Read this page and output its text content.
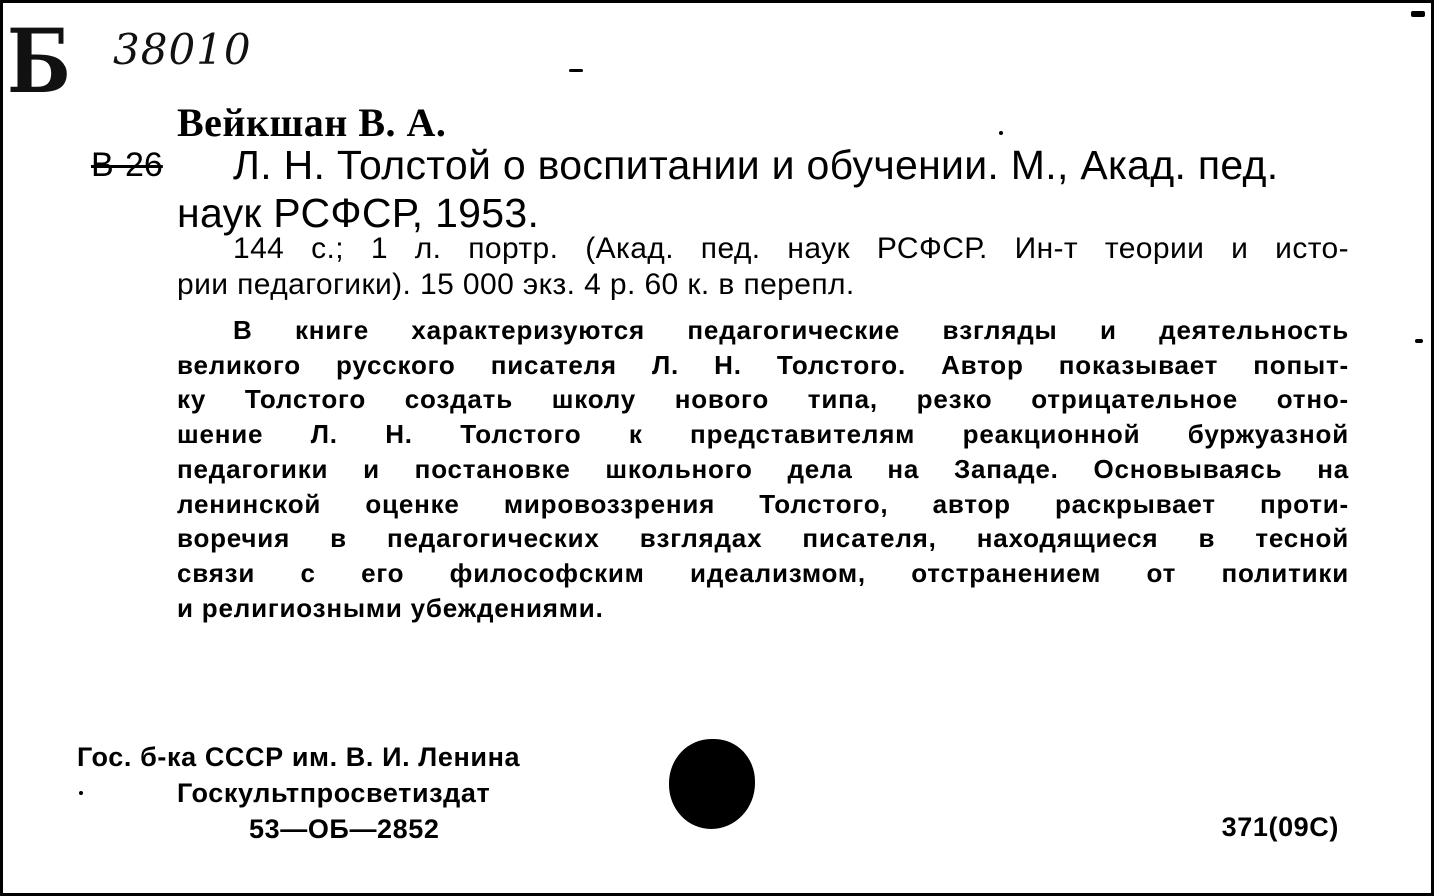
Б 38010
Вейкшан В. А.
В-26	Л. Н. Толстой о воспитании и обучении. М., Акад. пед.
наук РСФСР, 1953.
144 с.; 1 л. портр. (Акад. пед. наук РСФСР. Ин-т теории и исто-
рии педагогики). 15 000 экз. 4 р. 60 к. в перепл.
В книге характеризуются педагогические взгляды и деятельность
великого русского писателя Л. Н. Толстого. Автор показывает попыт-
ку Толстого создать школу нового типа, резко отрицательное отно-
шение Л. Н. Толстого к представителям реакционной буржуазной
педагогики и постановке школьного дела на Западе. Основываясь на
ленинской оценке мировоззрения Толстого, автор раскрывает проти-
воречия в педагогических взглядах писателя, находящиеся в тесной
связи с его философским идеализмом, отстранением от политики
и религиозными убеждениями.
Гос. б-ка СССР им. В. И. Ленина
Госкультпросветиздат
53—ОБ—2852	371(09С)
